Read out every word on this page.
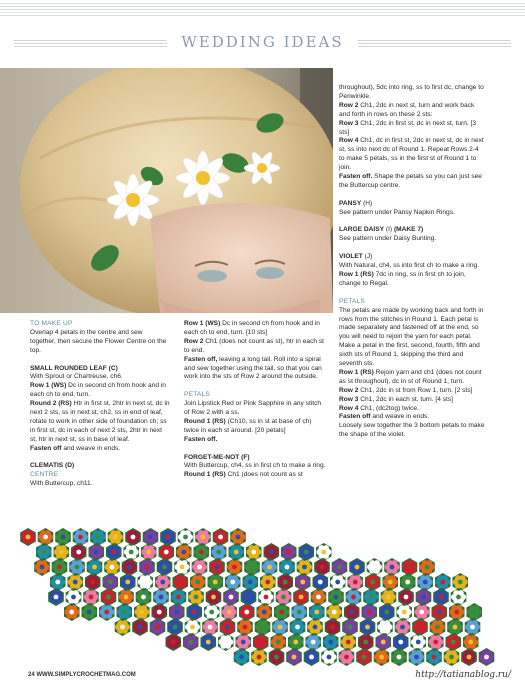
WEDDING IDEAS

TO MAKE UP

Overlap 4 petals in the centre and sew together, then secure the Flower Centre on the top.

SMALL ROUNDED LEAF (C)

With Sprout or Chartreuse, ch6.

Row 1 (WS) Dc in second ch from hook and in each ch to end, turn.

Round 2 (RS) Htr in first st, 2htr in next st, dc in next 2 sts, ss in next st, ch2, ss in end of leaf, rotate to work in other side of foundation ch; ss in first st, dc in each of next 2 sts, 2htr in next st, htr in next st, ss in base of leaf.

Fasten off and weave in ends.

CLEMATIS (D)

CENTRE

With Buttercup, ch11.

Row 1 (WS) Dc in second ch from hook and in each ch to end, turn. [10 sts]

Row 2 Ch1 (does not count as st), htr in each st to end.

Fasten off, leaving a long tail. Roll into a spiral and sew together using the tail, so that you can work into the sts of Row 2 around the outside.

PETALS

Join Lipstick Red or Pink Sapphire in any stitch of Row 2 with a ss.

Round 1 (RS) (Ch10, ss in st at base of ch) twice in each st around. [20 petals]

Fasten off.

FORGET-ME-NOT (F)

With Buttercup, ch4, ss in first ch to make a ring.

Round 1 (RS) Ch1 (does not count as st

throughout), 5dc into ring, ss to first dc, change to Periwinkle.

Row 2 Ch1, 2dc in next st, turn and work back and forth in rows on these 2 sts:

Row 3 Ch1, 2dc in first st, dc in next st, turn. [3 sts]

Row 4 Ch1, dc in first st, 2dc in next st, dc in next st, ss into next dc of Round 1. Repeat Rows 2-4 to make 5 petals, ss in the first st of Round 1 to join.

Fasten off. Shape the petals so you can just see the Buttercup centre.

PANSY (H)

See pattern under Pansy Napkin Rings.

LARGE DAISY (I) (MAKE 7)

See pattern under Daisy Bunting.

VIOLET (J)

With Natural, ch4, ss into first ch to make a ring.

Row 1 (RS) 7dc in ring, ss in first ch to join, change to Regal.

PETALS

The petals are made by working back and forth in rows from the stitches in Round 1. Each petal is made separately and fastened off at the end, so you will need to rejoin the yarn for each petal. Make a petal in the first, second, fourth, fifth and sixth sts of Round 1, skipping the third and seventh sts.

Row 1 (RS) Rejoin yarn and ch1 (does not count as st throughout), dc in st of Round 1, turn.

Row 2 Ch1, 2dc in st from Row 1, turn. [2 sts]

Row 3 Ch1, 2dc in each st, turn. [4 sts]

Row 4 Ch1, (dc2tog) twice.

Fasten off and weave in ends.

Loosely sew together the 3 bottom petals to make the shape of the violet.

24 WWW.SIMPLYCROCHETMAG.COM	http://tatianablog.ru/
